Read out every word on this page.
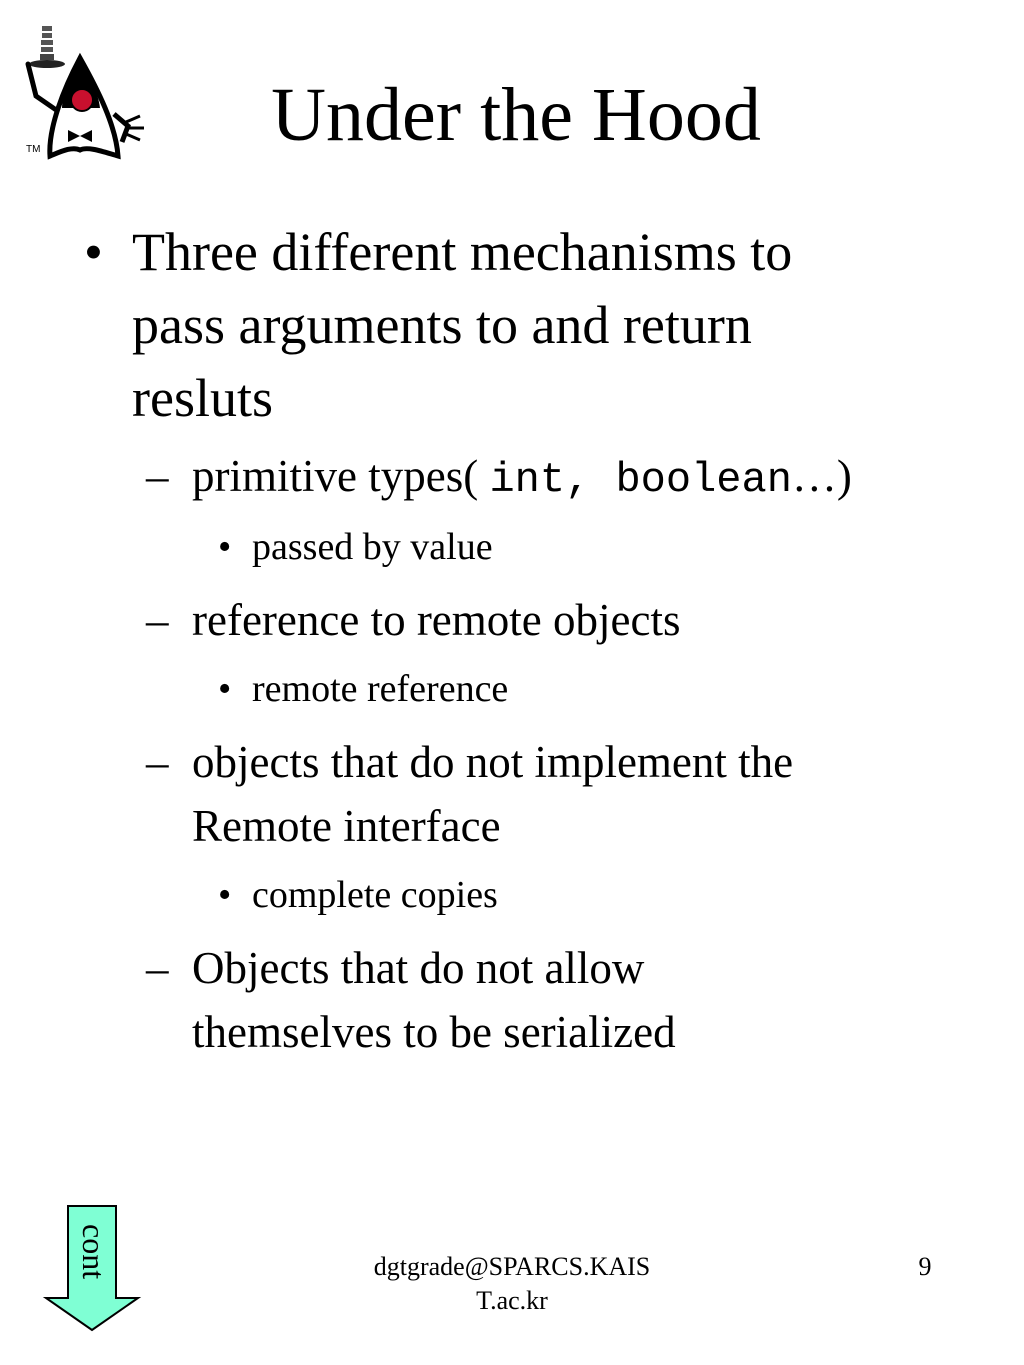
TM	Under the Hood
• Three different mechanisms to
pass arguments to and return
resluts
– primitive types( int, boolean…)
• passed by value
– reference to remote objects
• remote reference
– objects that do not implement the
Remote interface
• complete copies
– Objects that do not allow
themselves to be serialized
cont	dgtgrade@SPARCS.KAIS
T.ac.kr
9
